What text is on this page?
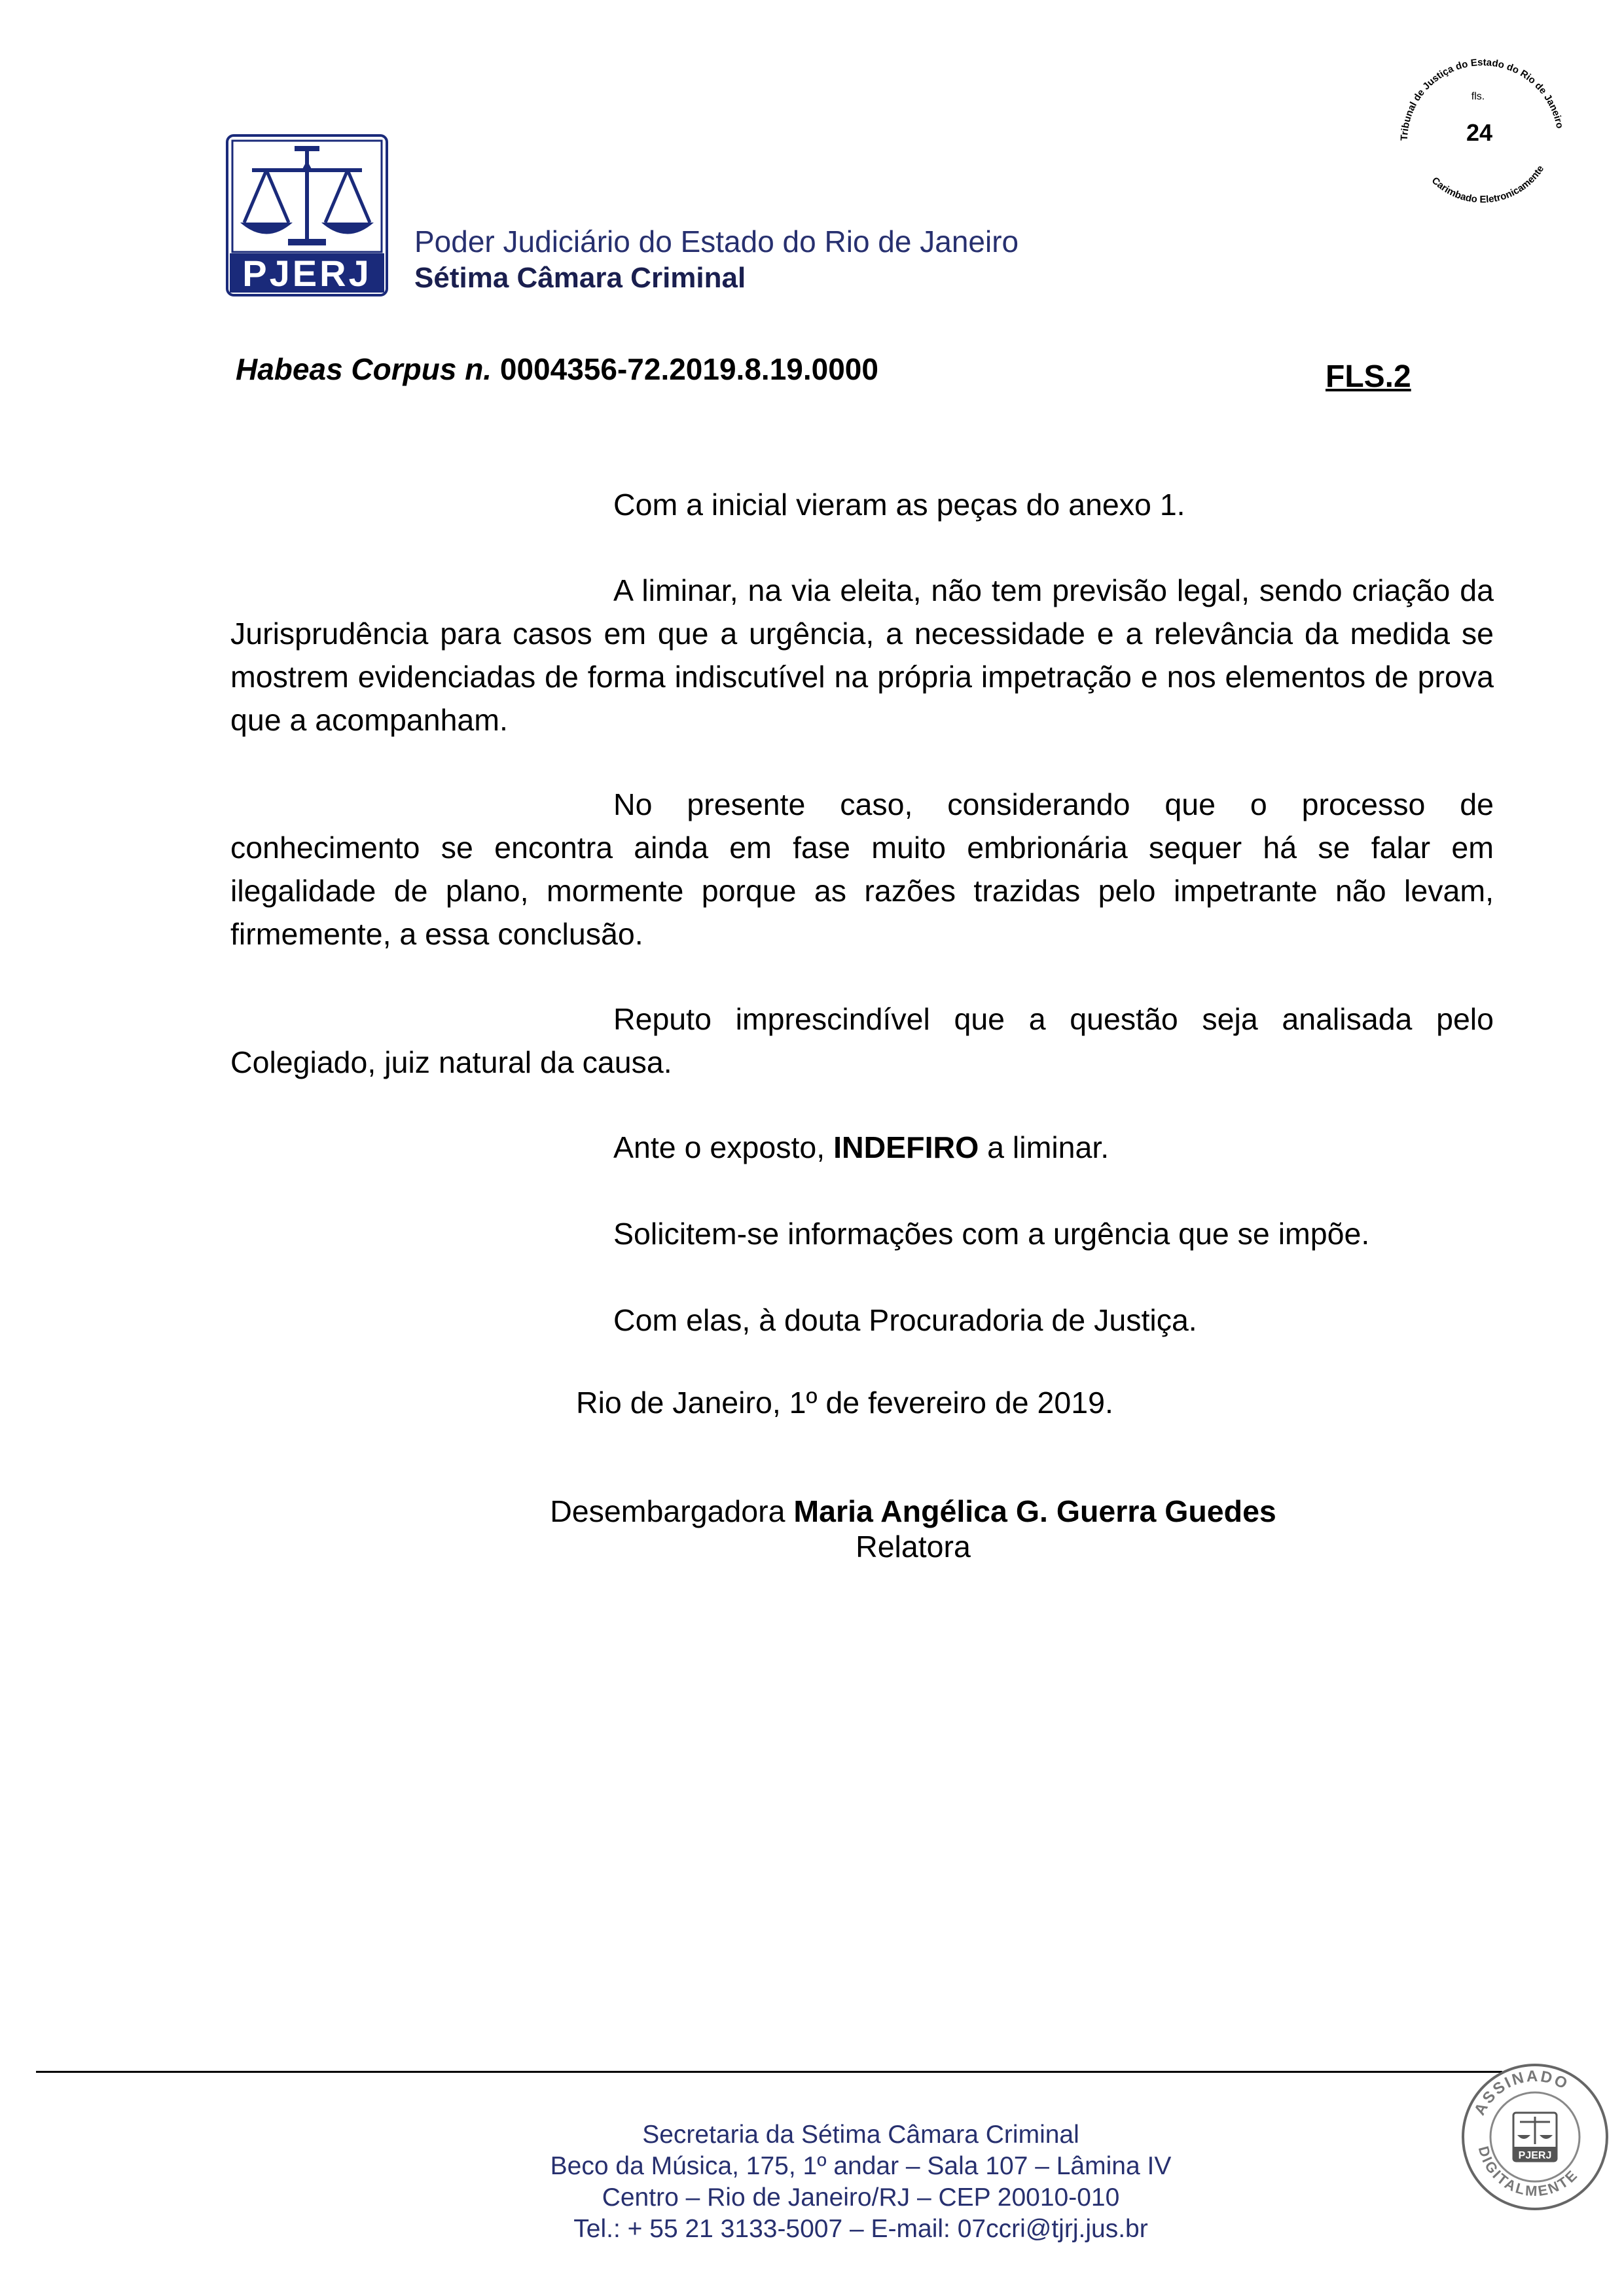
PJERJ
Poder Judiciário do Estado do Rio de Janeiro
Sétima Câmara Criminal
Tribunal de Justiça do Estado do Rio de Janeiro
Carimbado Eletronicamente
fls.
24
Habeas Corpus n. 0004356-72.2019.8.19.0000	FLS.2
Com a inicial vieram as peças do anexo 1.
A liminar, na via eleita, não tem previsão legal, sendo criação da Jurisprudência para casos em que a urgência, a necessidade e a relevância da medida se mostrem evidenciadas de forma indiscutível na própria impetração e nos elementos de prova que a acompanham.
No presente caso, considerando que o processo de conhecimento se encontra ainda em fase muito embrionária sequer há se falar em ilegalidade de plano, mormente porque as razões trazidas pelo impetrante não levam, firmemente, a essa conclusão.
Reputo imprescindível que a questão seja analisada pelo Colegiado, juiz natural da causa.
Ante o exposto, INDEFIRO a liminar.
Solicitem-se informações com a urgência que se impõe.
Com elas, à douta Procuradoria de Justiça.
Rio de Janeiro, 1º de fevereiro de 2019.
Desembargadora Maria Angélica G. Guerra Guedes
Relatora
Secretaria da Sétima Câmara Criminal
Beco da Música, 175, 1º andar – Sala 107 – Lâmina IV
Centro – Rio de Janeiro/RJ – CEP 20010-010
Tel.: + 55 21 3133-5007 – E-mail: 07ccri@tjrj.jus.br
ASSINADO
DIGITALMENTE
PJERJ
